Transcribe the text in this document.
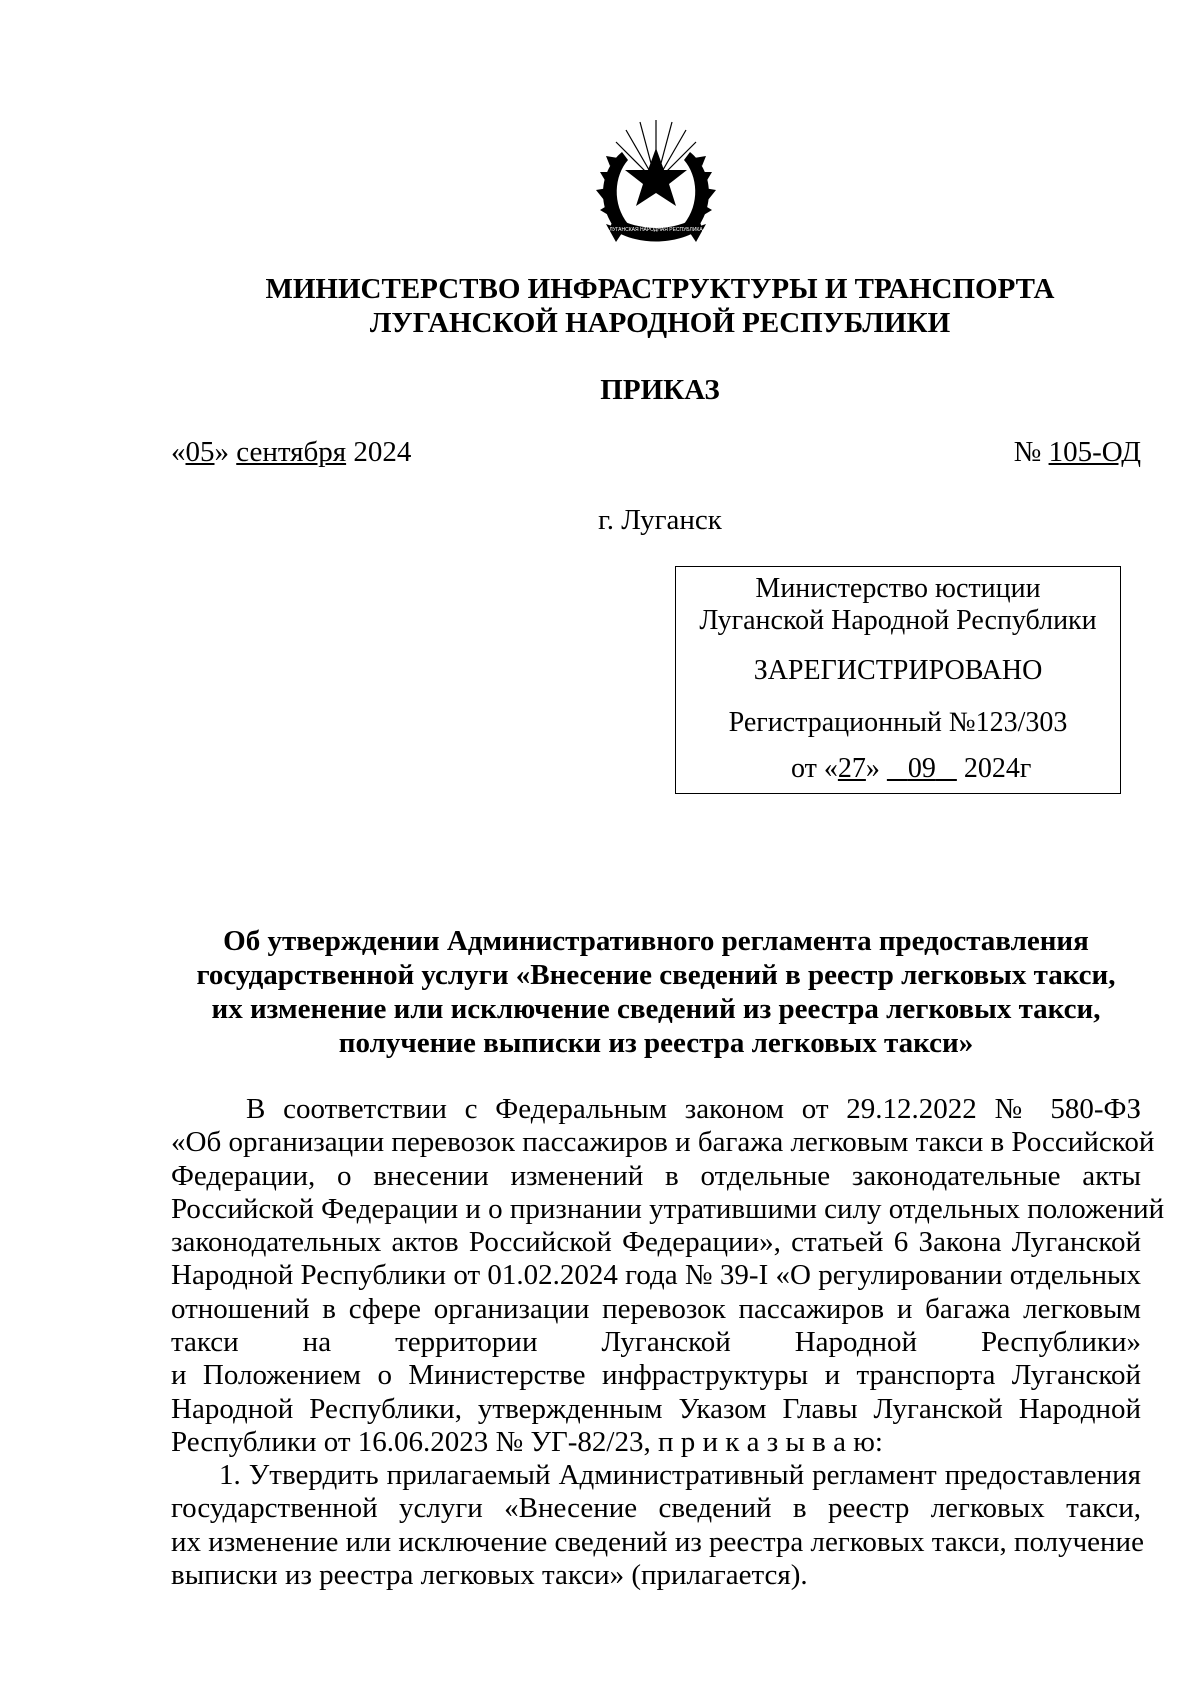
ЛУГАНСКАЯ НАРОДНАЯ РЕСПУБЛИКА
МИНИСТЕРСТВО ИНФРАСТРУКТУРЫ И ТРАНСПОРТА
ЛУГАНСКОЙ НАРОДНОЙ РЕСПУБЛИКИ
ПРИКАЗ
«05» сентября 2024	№ 105-ОД
г. Луганск
Министерство юстиции
Луганской Народной Республики
ЗАРЕГИСТРИРОВАНО
Регистрационный №123/303
от «27» 09 2024г
Об утверждении Административного регламента предоставления
государственной услуги «Внесение сведений в реестр легковых такси,
их изменение или исключение сведений из реестра легковых такси,
получение выписки из реестра легковых такси»
В соответствии с Федеральным законом от 29.12.2022 № 580-ФЗ
«Об организации перевозок пассажиров и багажа легковым такси в Российской
Федерации, о внесении изменений в отдельные законодательные акты
Российской Федерации и о признании утратившими силу отдельных положений
законодательных актов Российской Федерации», статьей 6 Закона Луганской
Народной Республики от 01.02.2024 года № 39-I «О регулировании отдельных
отношений в сфере организации перевозок пассажиров и багажа легковым
такси на территории Луганской Народной Республики»
и Положением о Министерстве инфраструктуры и транспорта Луганской
Народной Республики, утвержденным Указом Главы Луганской Народной
Республики от 16.06.2023 № УГ-82/23, п р и к а з ы в а ю:
1. Утвердить прилагаемый Административный регламент предоставления
государственной услуги «Внесение сведений в реестр легковых такси,
их изменение или исключение сведений из реестра легковых такси, получение
выписки из реестра легковых такси» (прилагается).
